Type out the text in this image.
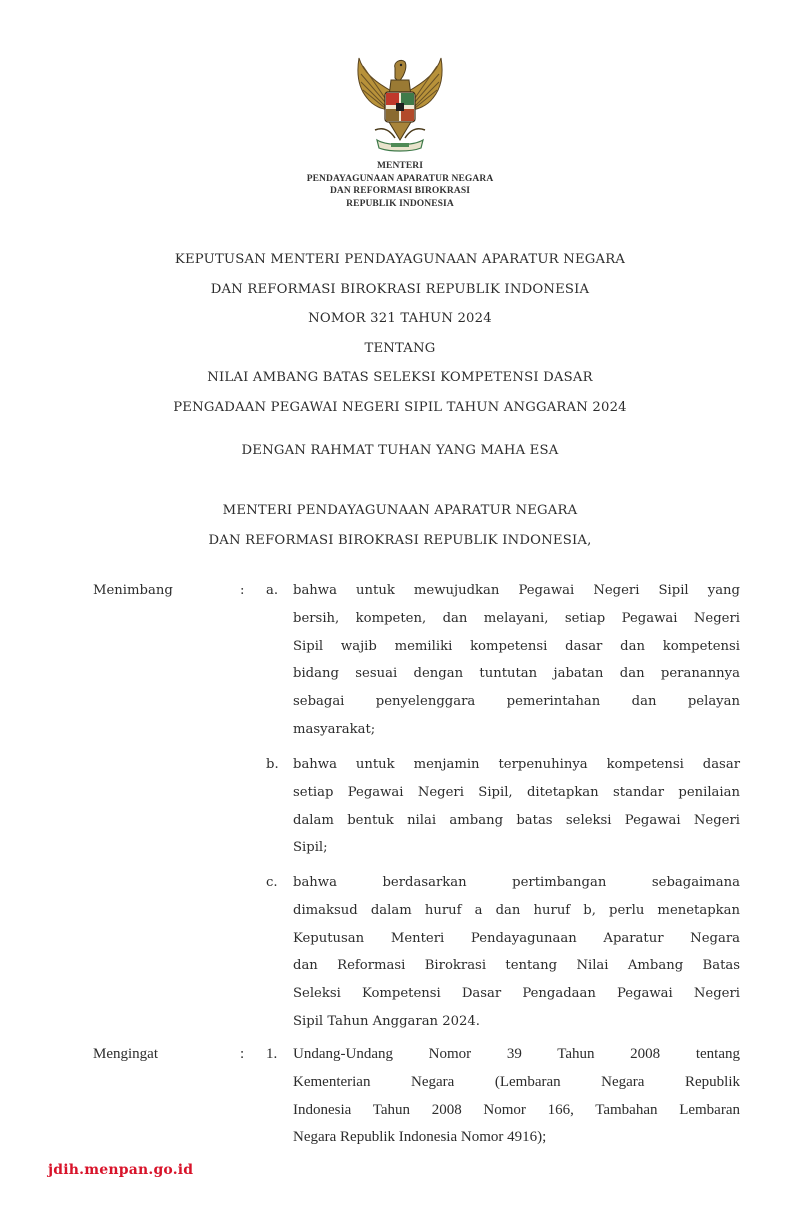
MENTERI
PENDAYAGUNAAN APARATUR NEGARA
DAN REFORMASI BIROKRASI
REPUBLIK INDONESIA
KEPUTUSAN MENTERI PENDAYAGUNAAN APARATUR NEGARA
DAN REFORMASI BIROKRASI REPUBLIK INDONESIA
NOMOR 321 TAHUN 2024
TENTANG
NILAI AMBANG BATAS SELEKSI KOMPETENSI DASAR
PENGADAAN PEGAWAI NEGERI SIPIL TAHUN ANGGARAN 2024
DENGAN RAHMAT TUHAN YANG MAHA ESA
MENTERI PENDAYAGUNAAN APARATUR NEGARA
DAN REFORMASI BIROKRASI REPUBLIK INDONESIA,
Menimbang	: a. bahwa untuk mewujudkan Pegawai Negeri Sipil yang
bersih, kompeten, dan melayani, setiap Pegawai Negeri
Sipil wajib memiliki kompetensi dasar dan kompetensi
bidang sesuai dengan tuntutan jabatan dan peranannya
sebagai penyelenggara pemerintahan dan pelayan
masyarakat;
b. bahwa untuk menjamin terpenuhinya kompetensi dasar
setiap Pegawai Negeri Sipil, ditetapkan standar penilaian
dalam bentuk nilai ambang batas seleksi Pegawai Negeri
Sipil;
c. bahwa berdasarkan pertimbangan sebagaimana
dimaksud dalam huruf a dan huruf b, perlu menetapkan
Keputusan Menteri Pendayagunaan Aparatur Negara
dan Reformasi Birokrasi tentang Nilai Ambang Batas
Seleksi Kompetensi Dasar Pengadaan Pegawai Negeri
Sipil Tahun Anggaran 2024.
Mengingat	: 1. Undang-Undang Nomor 39 Tahun 2008 tentang
Kementerian Negara (Lembaran Negara Republik
Indonesia Tahun 2008 Nomor 166, Tambahan Lembaran
Negara Republik Indonesia Nomor 4916);
jdih.menpan.go.id
